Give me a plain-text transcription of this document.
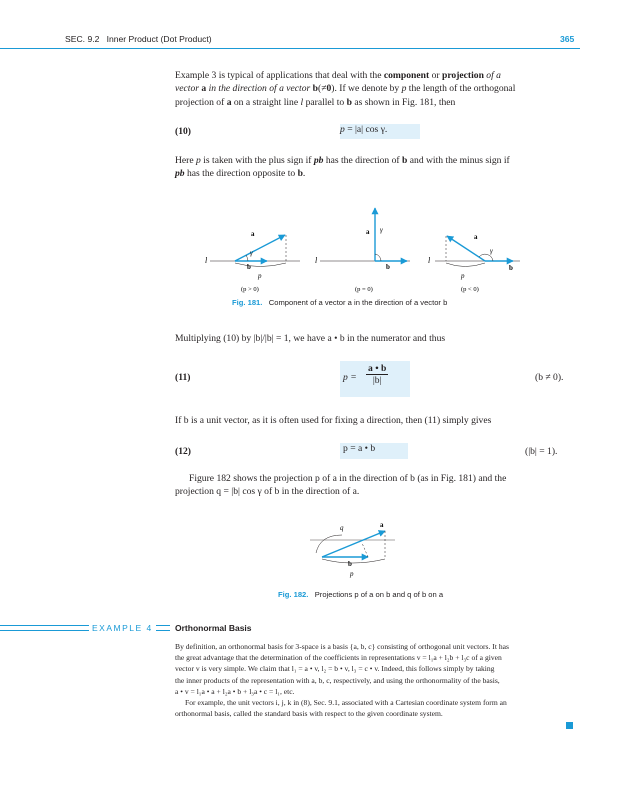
SEC. 9.2 Inner Product (Dot Product)	365
Example 3 is typical of applications that deal with the component or projection of a
vector a in the direction of a vector b(≠0). If we denote by p the length of the orthogonal
projection of a on a straight line l parallel to b as shown in Fig. 181, then
(10)	p = |a| cos γ.
Here p is taken with the plus sign if pb has the direction of b and with the minus sign if
pb has the direction opposite to b.
l
a
γ
b
p
(p > 0)
l
a γ
b
(p = 0)
l
a
γ
b
p
(p < 0)
Fig. 181. Component of a vector a in the direction of a vector b
Multiplying (10) by |b|/|b| = 1, we have a • b in the numerator and thus
(11)	$p = \frac{a • b}{|b|}$	(b ≠ 0).
If b is a unit vector, as it is often used for fixing a direction, then (11) simply gives
(12)	p = a • b	(|b| = 1).
Figure 182 shows the projection p of a in the direction of b (as in Fig. 181) and the
projection q = |b| cos γ of b in the direction of a.
a
q
b
p
Fig. 182. Projections p of a on b and q of b on a
EXAMPLE 4	Orthonormal Basis
By definition, an orthonormal basis for 3-space is a basis {a, b, c} consisting of orthogonal unit vectors. It has
the great advantage that the determination of the coefficients in representations v = l₁a + l₂b + l₃c of a given
vector v is very simple. We claim that l₁ = a • v, l₂ = b • v, l₃ = c • v. Indeed, this follows simply by taking
the inner products of the representation with a, b, c, respectively, and using the orthonormality of the basis,
a • v = l₁a • a + l₂a • b + l₃a • c = l₁, etc.
For example, the unit vectors i, j, k in (8), Sec. 9.1, associated with a Cartesian coordinate system form an
orthonormal basis, called the standard basis with respect to the given coordinate system.
